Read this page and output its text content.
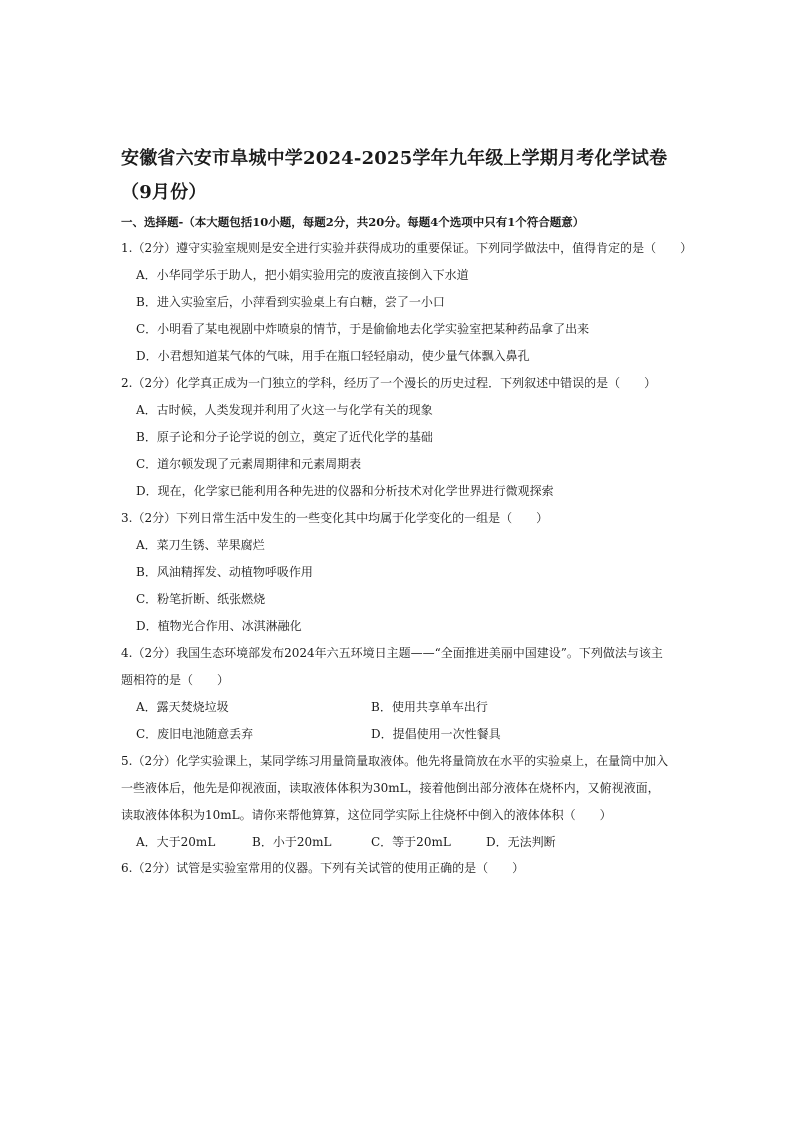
安徽省六安市阜城中学2024-2025学年九年级上学期月考化学试卷（9月份）
一、选择题-（本大题包括10小题，每题2分，共20分。每题4个选项中只有1个符合题意）
1.（2分）遵守实验室规则是安全进行实验并获得成功的重要保证。下列同学做法中，值得肯定的是（　　）
A．小华同学乐于助人，把小娟实验用完的废液直接倒入下水道
B．进入实验室后，小萍看到实验桌上有白糖，尝了一小口
C．小明看了某电视剧中炸喷泉的情节，于是偷偷地去化学实验室把某种药品拿了出来
D．小君想知道某气体的气味，用手在瓶口轻轻扇动，使少量气体飘入鼻孔
2.（2分）化学真正成为一门独立的学科，经历了一个漫长的历史过程．下列叙述中错误的是（　　）
A．古时候，人类发现并利用了火这一与化学有关的现象
B．原子论和分子论学说的创立，奠定了近代化学的基础
C．道尔顿发现了元素周期律和元素周期表
D．现在，化学家已能利用各种先进的仪器和分析技术对化学世界进行微观探索
3.（2分）下列日常生活中发生的一些变化其中均属于化学变化的一组是（　　）
A．菜刀生锈、苹果腐烂
B．风油精挥发、动植物呼吸作用
C．粉笔折断、纸张燃烧
D．植物光合作用、冰淇淋融化
4.（2分）我国生态环境部发布2024年六五环境日主题——“全面推进美丽中国建设”。下列做法与该主
题相符的是（　　）
A．露天焚烧垃圾	B．使用共享单车出行
C．废旧电池随意丢弃	D．提倡使用一次性餐具
5.（2分）化学实验课上，某同学练习用量筒量取液体。他先将量筒放在水平的实验桌上，在量筒中加入
一些液体后，他先是仰视液面，读取液体体积为30mL，接着他倒出部分液体在烧杯内，又俯视液面，
读取液体体积为10mL。请你来帮他算算，这位同学实际上往烧杯中倒入的液体体积（　　）
A．大于20mL	B．小于20mL	C．等于20mL	D．无法判断
6.（2分）试管是实验室常用的仪器。下列有关试管的使用正确的是（　　）
